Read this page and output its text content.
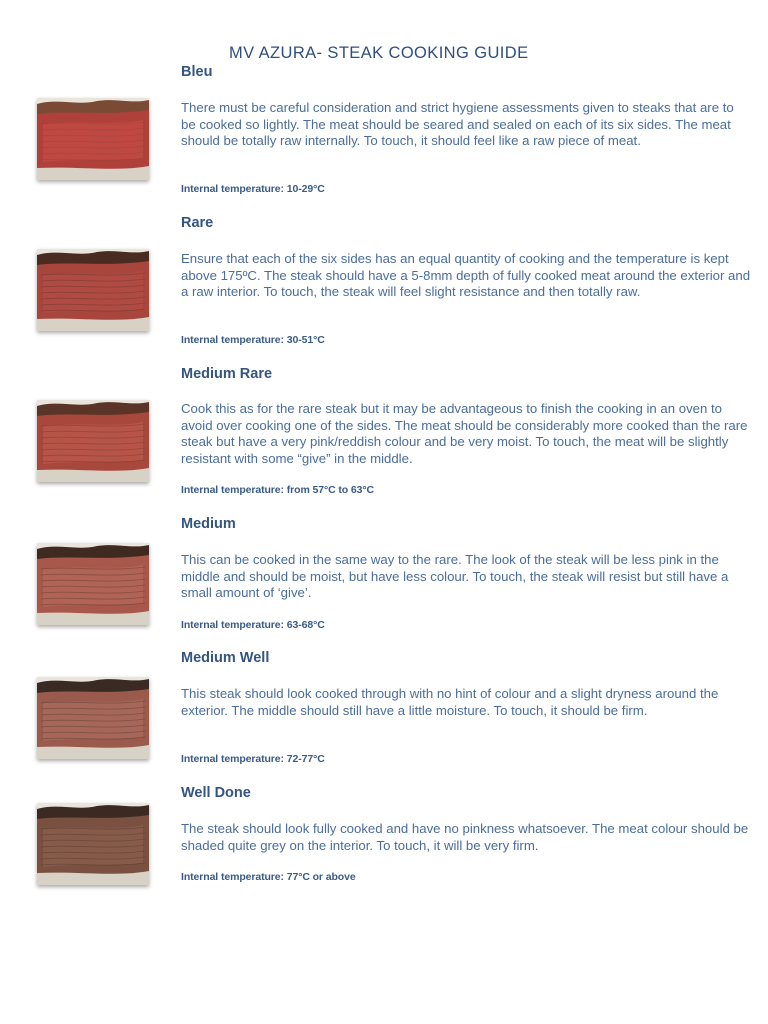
MV AZURA- STEAK COOKING GUIDE
Bleu

There must be careful consideration and strict hygiene assessments given to steaks that are to be cooked so lightly. The meat should be seared and sealed on each of its six sides. The meat should be totally raw internally. To touch, it should feel like a raw piece of meat.

Internal temperature: 10-29°C
Rare

Ensure that each of the six sides has an equal quantity of cooking and the temperature is kept above 175ºC. The steak should have a 5-8mm depth of fully cooked meat around the exterior and a raw interior. To touch, the steak will feel slight resistance and then totally raw.

Internal temperature: 30-51°C
Medium Rare

Cook this as for the rare steak but it may be advantageous to finish the cooking in an oven to avoid over cooking one of the sides. The meat should be considerably more cooked than the rare steak but have a very pink/reddish colour and be very moist. To touch, the meat will be slightly resistant with some “give” in the middle.

Internal temperature: from 57°C to 63°C
Medium

This can be cooked in the same way to the rare. The look of the steak will be less pink in the middle and should be moist, but have less colour. To touch, the steak will resist but still have a small amount of ‘give’.

Internal temperature: 63-68°C
Medium Well

This steak should look cooked through with no hint of colour and a slight dryness around the exterior. The middle should still have a little moisture. To touch, it should be firm.

Internal temperature: 72-77°C
Well Done

The steak should look fully cooked and have no pinkness whatsoever. The meat colour should be shaded quite grey on the interior. To touch, it will be very firm.

Internal temperature: 77°C or above
